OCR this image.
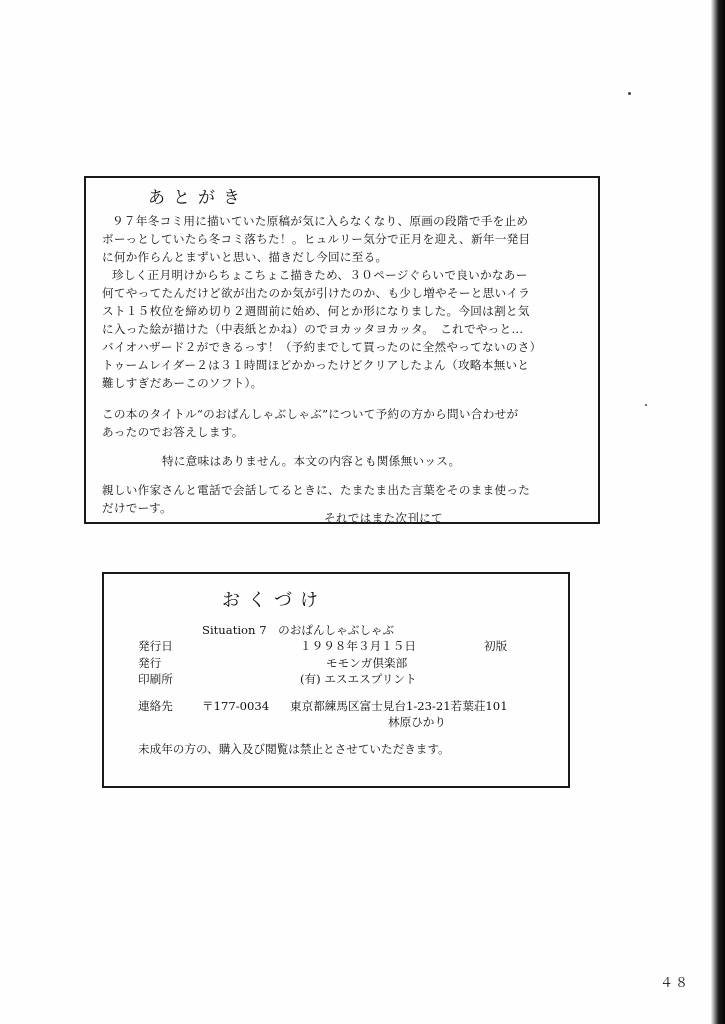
あとがき
９７年冬コミ用に描いていた原稿が気に入らなくなり、原画の段階で手を止め
ボーっとしていたら冬コミ落ちた！。ヒュルリー気分で正月を迎え、新年一発目
に何か作らんとまずいと思い、描きだし今回に至る。
珍しく正月明けからちょこちょこ描きため、３０ページぐらいで良いかなあー
何てやってたんだけど欲が出たのか気が引けたのか、も少し増やそーと思いイラ
スト１５枚位を締め切り２週間前に始め、何とか形になりました。今回は割と気
に入った絵が描けた（中表紙とかね）のでヨカッタヨカッタ。　これでやっと…
バイオハザード２ができるっす！（予約までして買ったのに全然やってないのさ）
トゥームレイダー２は３１時間ほどかかったけどクリアしたよん（攻略本無いと
難しすぎだあーこのソフト）。
この本のタイトル“のおぱんしゃぶしゃぶ”について予約の方から問い合わせが
あったのでお答えします。
特に意味はありません。本文の内容とも関係無いッス。
親しい作家さんと電話で会話してるときに、たまたま出た言葉をそのまま使った
だけでーす。
それではまた次刊にて
おくづけ
Situation 7　のおぱんしゃぶしゃぶ
発行日	１９９８年３月１５日	初版
発行	モモンガ倶楽部
印刷所	(有) エスエスプリント
連絡先	〒177-0034 東京都練馬区富士見台1-23-21若葉荘101
林原ひかり
未成年の方の、購入及び閲覧は禁止とさせていただきます。
４８
